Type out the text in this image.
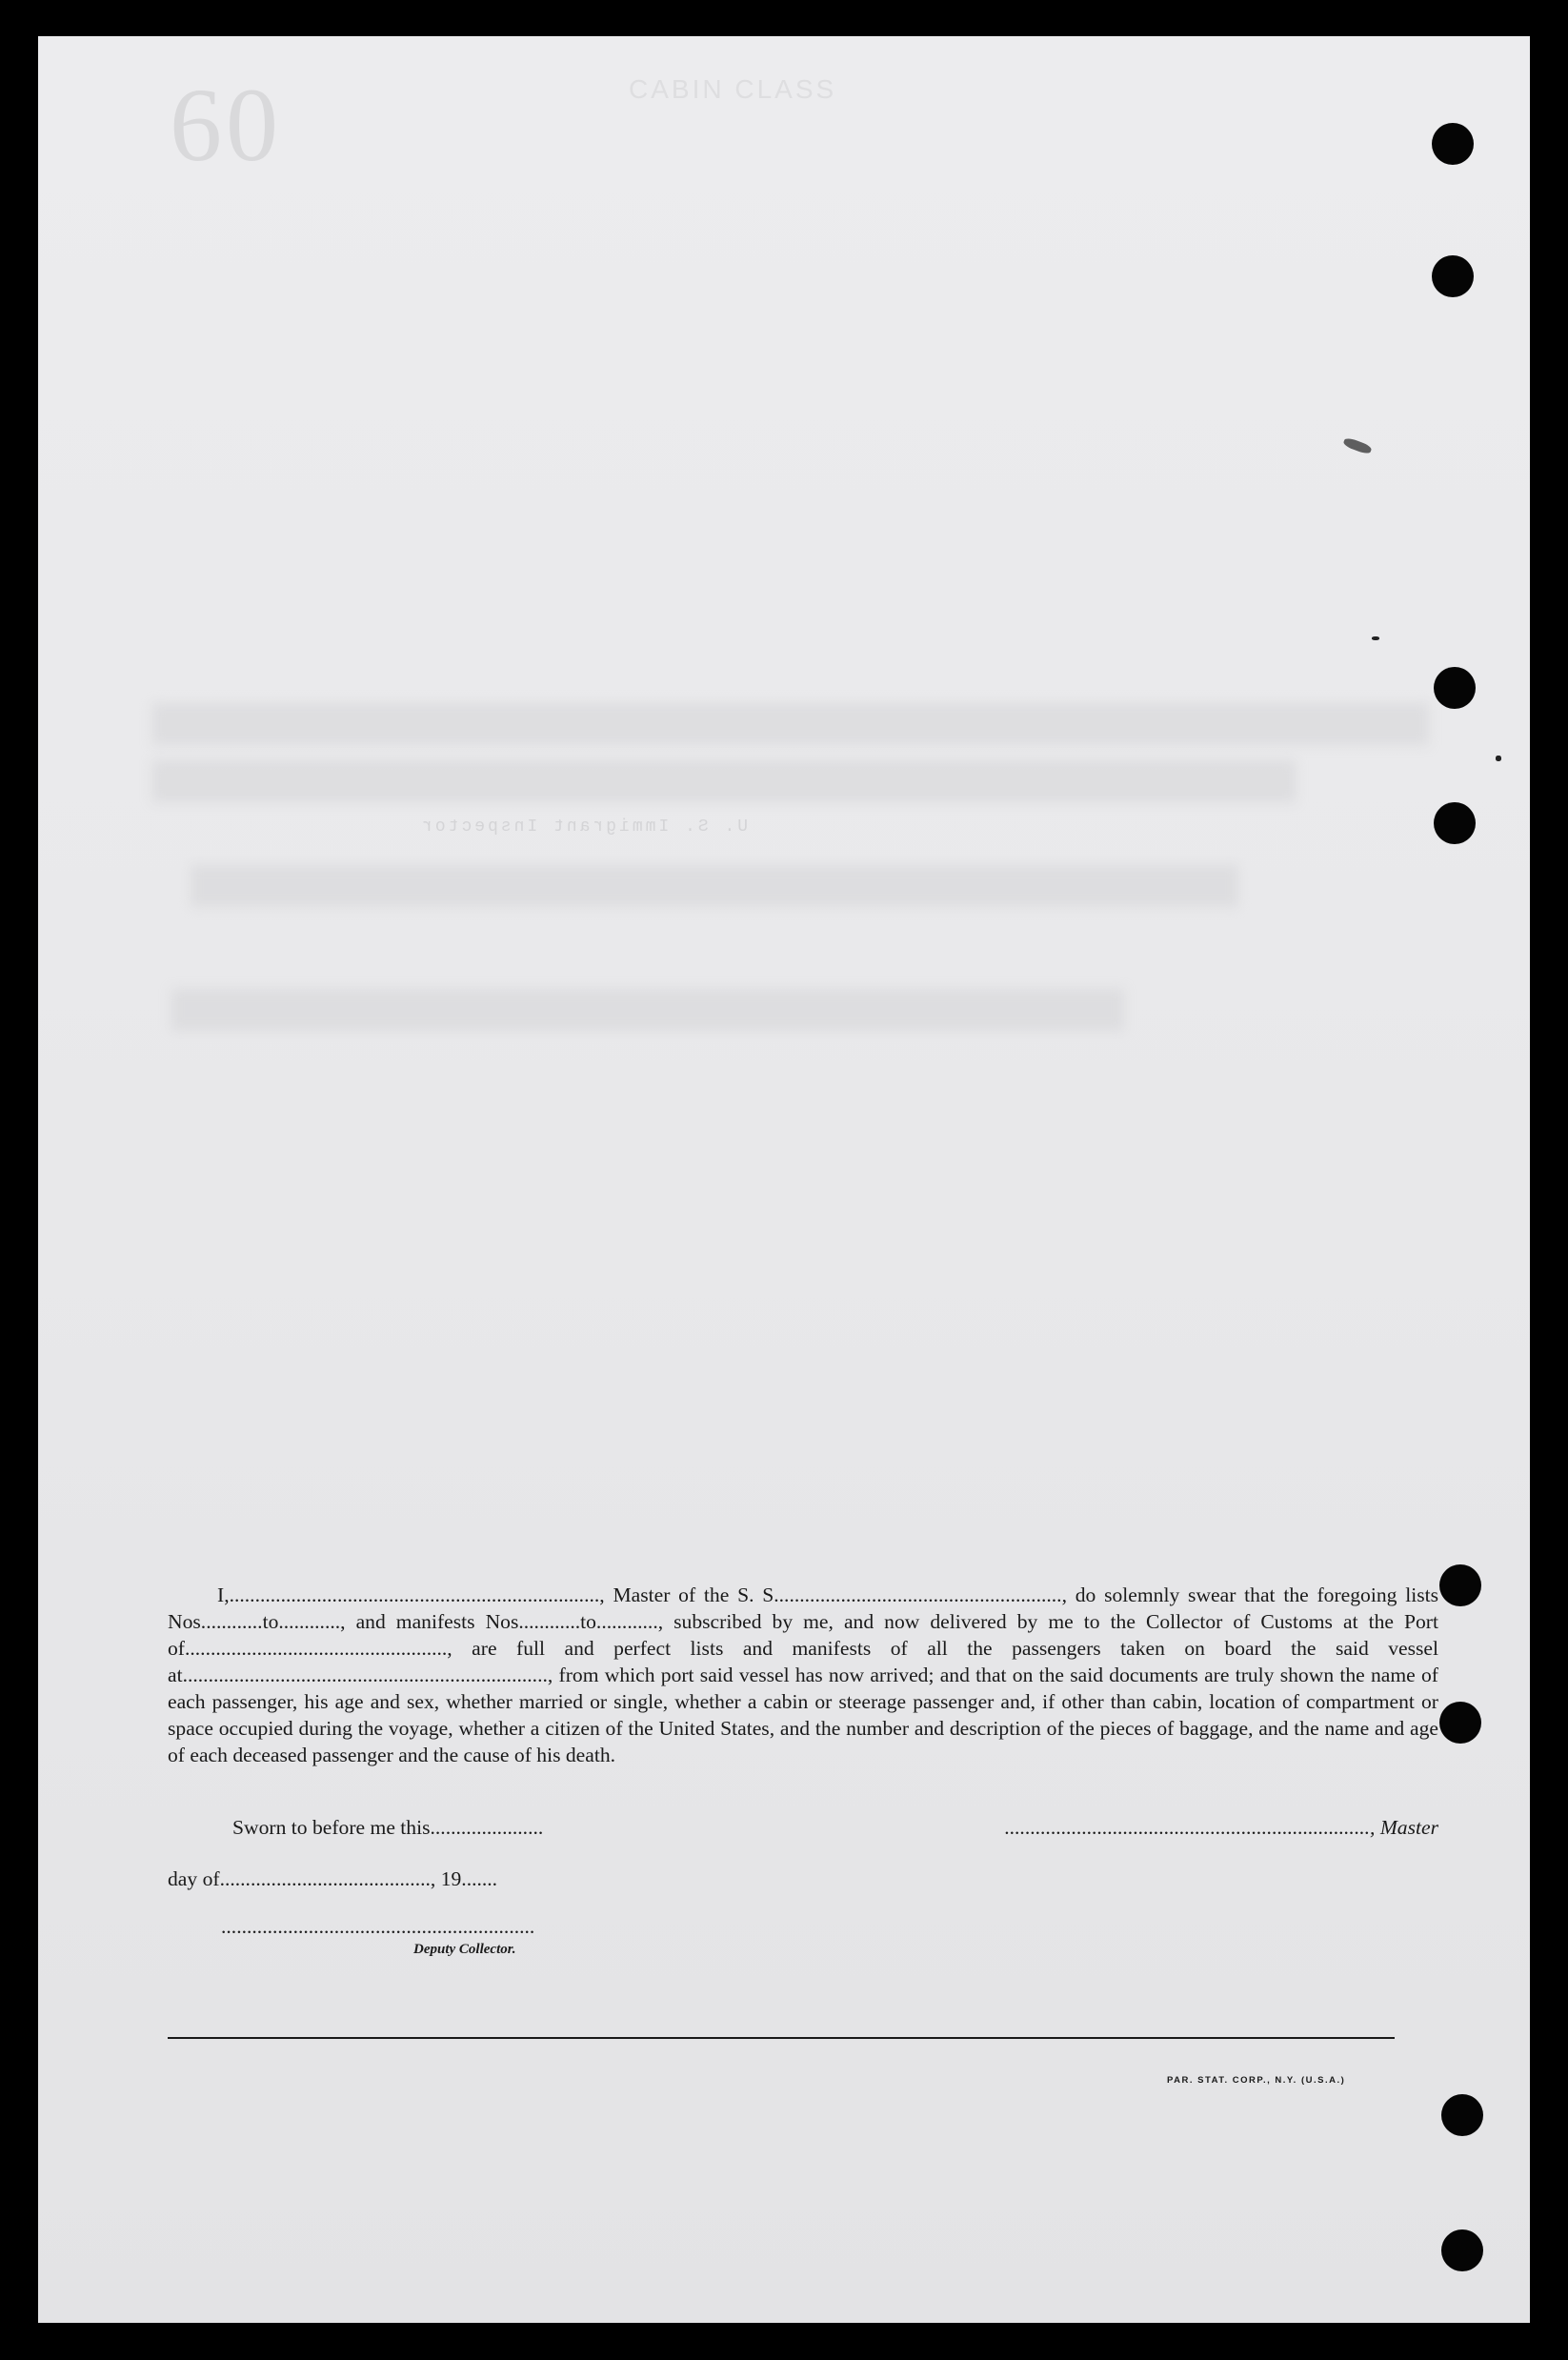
60	CABIN CLASS
U. S. Immigrant Inspector

I,........................................................................, Master of the S. S........................................................, do solemnly swear that the foregoing lists Nos............to............, and manifests Nos............to............, subscribed by me, and now delivered by me to the Collector of Customs at the Port of..................................................., are full and perfect lists and manifests of all the passengers taken on board the said vessel at......................................................................., from which port said vessel has now arrived; and that on the said documents are truly shown the name of each passenger, his age and sex, whether married or single, whether a cabin or steerage passenger and, if other than cabin, location of compartment or space occupied during the voyage, whether a citizen of the United States, and the number and description of the pieces of baggage, and the name and age of each deceased passenger and the cause of his death.

Sworn to before me this......................	......................................................................., Master
day of........................................., 19.......
.............................................................
Deputy Collector.
PAR. STAT. CORP., N.Y. (U.S.A.)
